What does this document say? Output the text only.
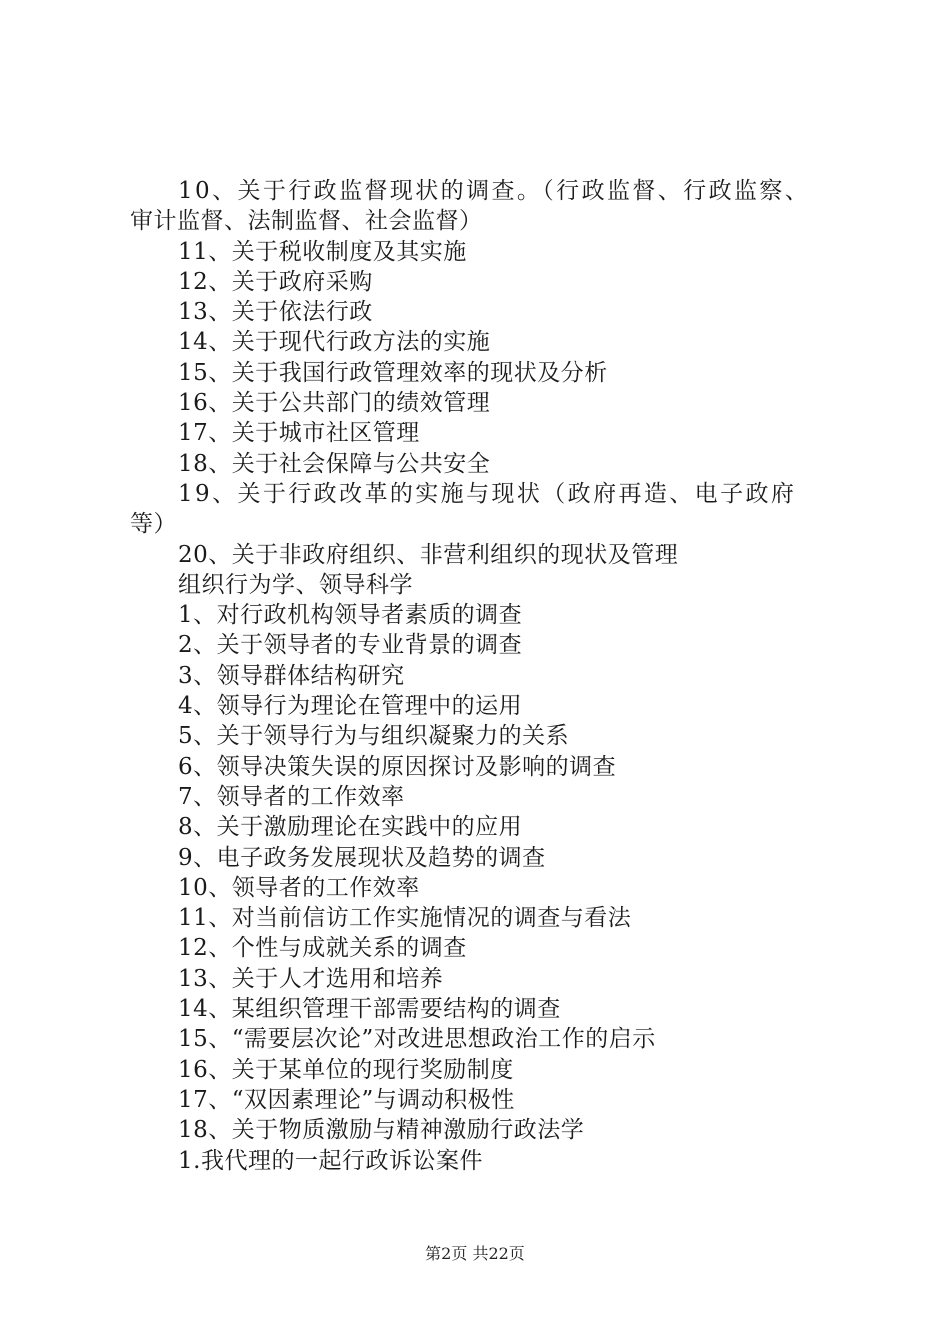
10、关于行政监督现状的调查。（行政监督、行政监察、
审计监督、法制监督、社会监督）
11、关于税收制度及其实施
12、关于政府采购
13、关于依法行政
14、关于现代行政方法的实施
15、关于我国行政管理效率的现状及分析
16、关于公共部门的绩效管理
17、关于城市社区管理
18、关于社会保障与公共安全
19、关于行政改革的实施与现状（政府再造、电子政府
等）
20、关于非政府组织、非营利组织的现状及管理
组织行为学、领导科学
1、对行政机构领导者素质的调查
2、关于领导者的专业背景的调查
3、领导群体结构研究
4、领导行为理论在管理中的运用
5、关于领导行为与组织凝聚力的关系
6、领导决策失误的原因探讨及影响的调查
7、领导者的工作效率
8、关于激励理论在实践中的应用
9、电子政务发展现状及趋势的调查
10、领导者的工作效率
11、对当前信访工作实施情况的调查与看法
12、个性与成就关系的调查
13、关于人才选用和培养
14、某组织管理干部需要结构的调查
15、“需要层次论”对改进思想政治工作的启示
16、关于某单位的现行奖励制度
17、“双因素理论”与调动积极性
18、关于物质激励与精神激励行政法学
1.我代理的一起行政诉讼案件
第2页 共22页
